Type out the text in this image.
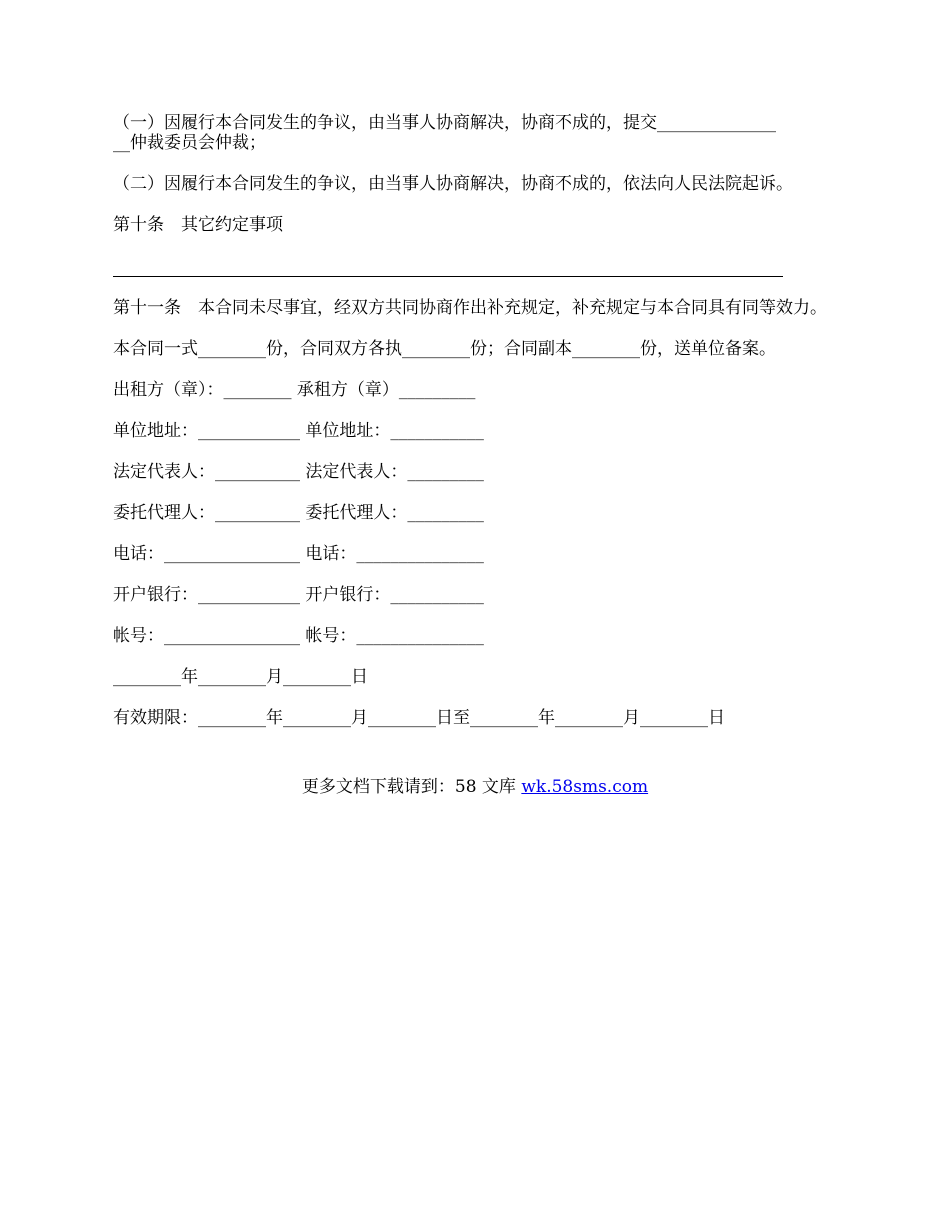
（一）因履行本合同发生的争议，由当事人协商解决，协商不成的，提交______________
__仲裁委员会仲裁；

（二）因履行本合同发生的争议，由当事人协商解决，协商不成的，依法向人民法院起诉。

第十条　其它约定事项

第十一条　本合同未尽事宜，经双方共同协商作出补充规定，补充规定与本合同具有同等效力。

本合同一式________份，合同双方各执________份；合同副本________份，送单位备案。

出租方（章）：________ 承租方（章）_________

单位地址：____________ 单位地址：___________

法定代表人：__________ 法定代表人：_________

委托代理人：__________ 委托代理人：_________

电话：________________ 电话：_______________

开户银行：____________ 开户银行：___________

帐号：________________ 帐号：_______________

________年________月________日

有效期限：________年________月________日至________年________月________日

更多文档下载请到：58 文库 wk.58sms.com
